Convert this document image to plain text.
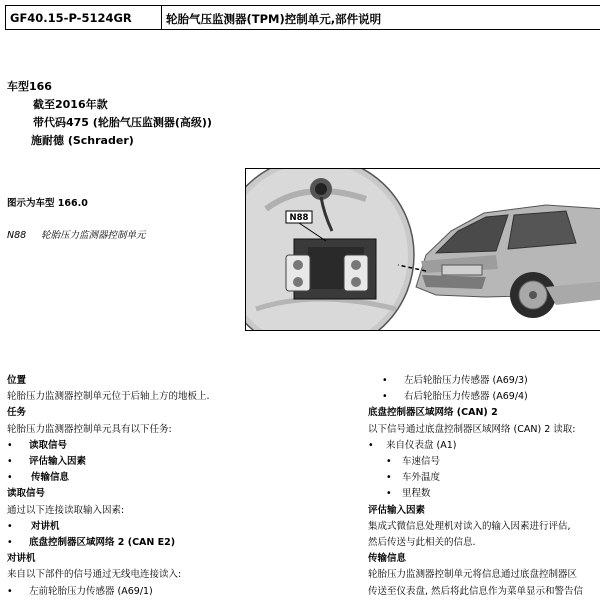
GF40.15-P-5124GR	轮胎气压监测器(TPM)控制单元,部件说明
车型166
截至2016年款
带代码475 (轮胎气压监测器(高级))
施耐德 (Schrader)
图示为车型 166.0
N88 轮胎压力监测器控制单元
N88
位置
轮胎压力监测器控制单元位于后轴上方的地板上.
任务
轮胎压力监测器控制单元具有以下任务:
• 读取信号
• 评估输入因素
• 传输信息
读取信号
通过以下连接读取输入因素:
• 对讲机
• 底盘控制器区域网络 2 (CAN E2)
对讲机
来自以下部件的信号通过无线电连接读入:
• 左前轮胎压力传感器 (A69/1)
• 左后轮胎压力传感器 (A69/3)
• 右后轮胎压力传感器 (A69/4)
底盘控制器区域网络 (CAN) 2
以下信号通过底盘控制器区域网络 (CAN) 2 读取:
• 来自仪表盘 (A1)
• 车速信号
• 车外温度
• 里程数
评估输入因素
集成式微信息处理机对读入的输入因素进行评估,
然后传送与此相关的信息.
传输信息
轮胎压力监测器控制单元将信息通过底盘控制器区
传送至仪表盘, 然后将此信息作为菜单显示和警告信
